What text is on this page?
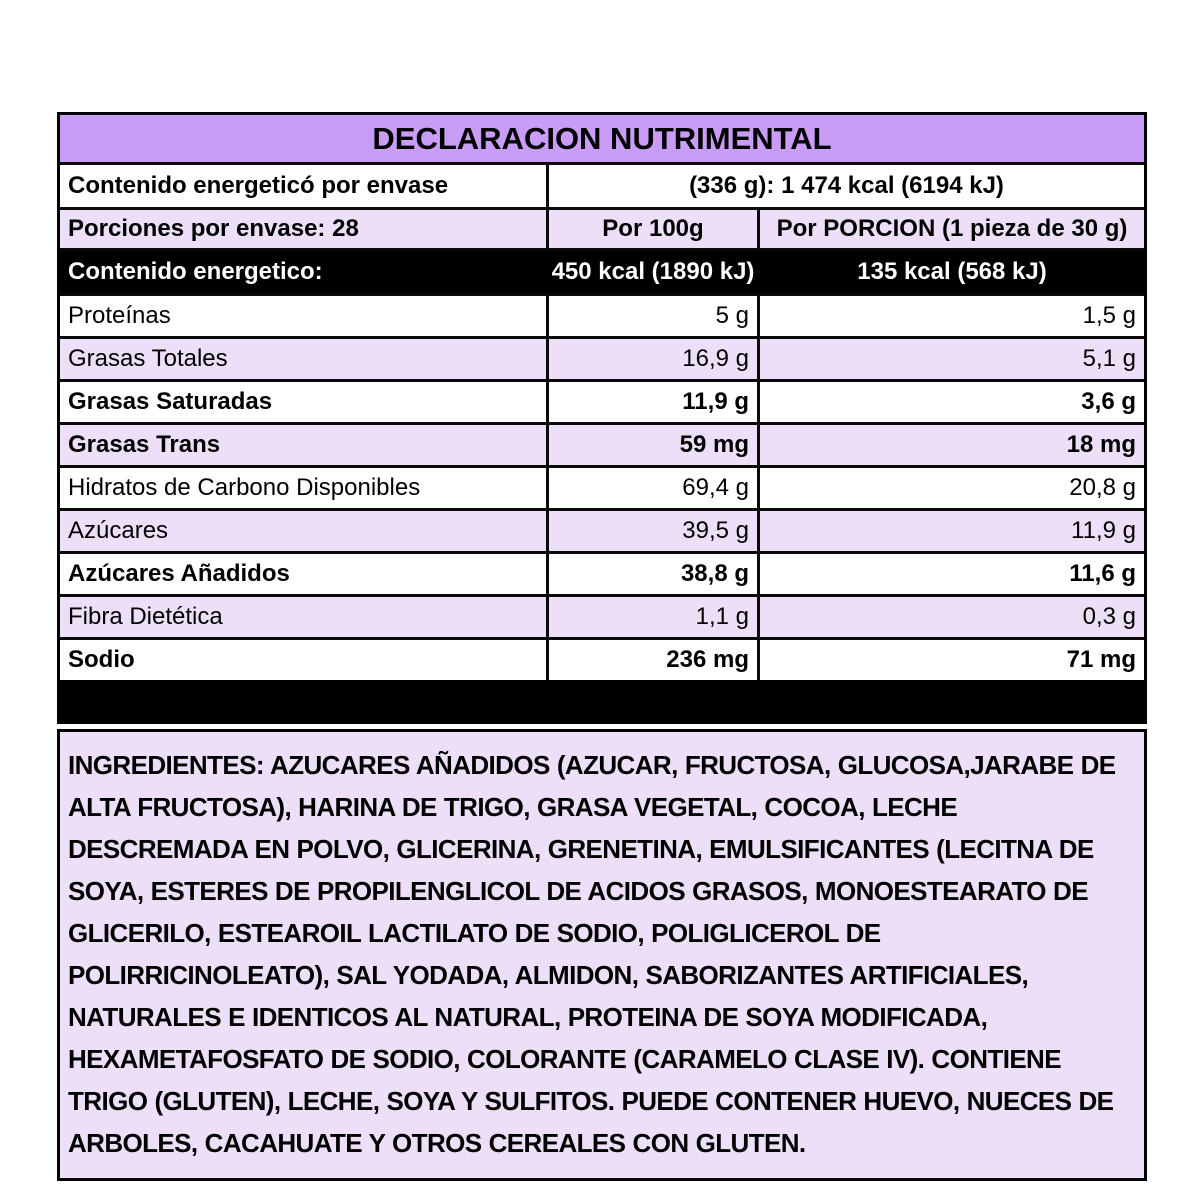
DECLARACION NUTRIMENTAL
Contenido energeticó por envase	(336 g): 1 474 kcal (6194 kJ)
Porciones por envase: 28	Por 100g	Por PORCION (1 pieza de 30 g)
Contenido energetico:	450 kcal (1890 kJ)	135 kcal (568 kJ)
Proteínas	5 g	1,5 g
Grasas Totales	16,9 g	5,1 g
Grasas Saturadas	11,9 g	3,6 g
Grasas Trans	59 mg	18 mg
Hidratos de Carbono Disponibles	69,4 g	20,8 g
Azúcares	39,5 g	11,9 g
Azúcares Añadidos	38,8 g	11,6 g
Fibra Dietética	1,1 g	0,3 g
Sodio	236 mg	71 mg

INGREDIENTES: AZUCARES AÑADIDOS (AZUCAR, FRUCTOSA, GLUCOSA,JARABE DE ALTA FRUCTOSA), HARINA DE TRIGO, GRASA VEGETAL, COCOA, LECHE DESCREMADA EN POLVO, GLICERINA, GRENETINA, EMULSIFICANTES (LECITNA DE SOYA, ESTERES DE PROPILENGLICOL DE ACIDOS GRASOS, MONOESTEARATO DE GLICERILO, ESTEAROIL LACTILATO DE SODIO, POLIGLICEROL DE POLIRRICINOLEATO), SAL YODADA, ALMIDON, SABORIZANTES ARTIFICIALES, NATURALES E IDENTICOS AL NATURAL, PROTEINA DE SOYA MODIFICADA, HEXAMETAFOSFATO DE SODIO, COLORANTE (CARAMELO CLASE IV). CONTIENE TRIGO (GLUTEN), LECHE, SOYA Y SULFITOS. PUEDE CONTENER HUEVO, NUECES DE ARBOLES, CACAHUATE Y OTROS CEREALES CON GLUTEN.
